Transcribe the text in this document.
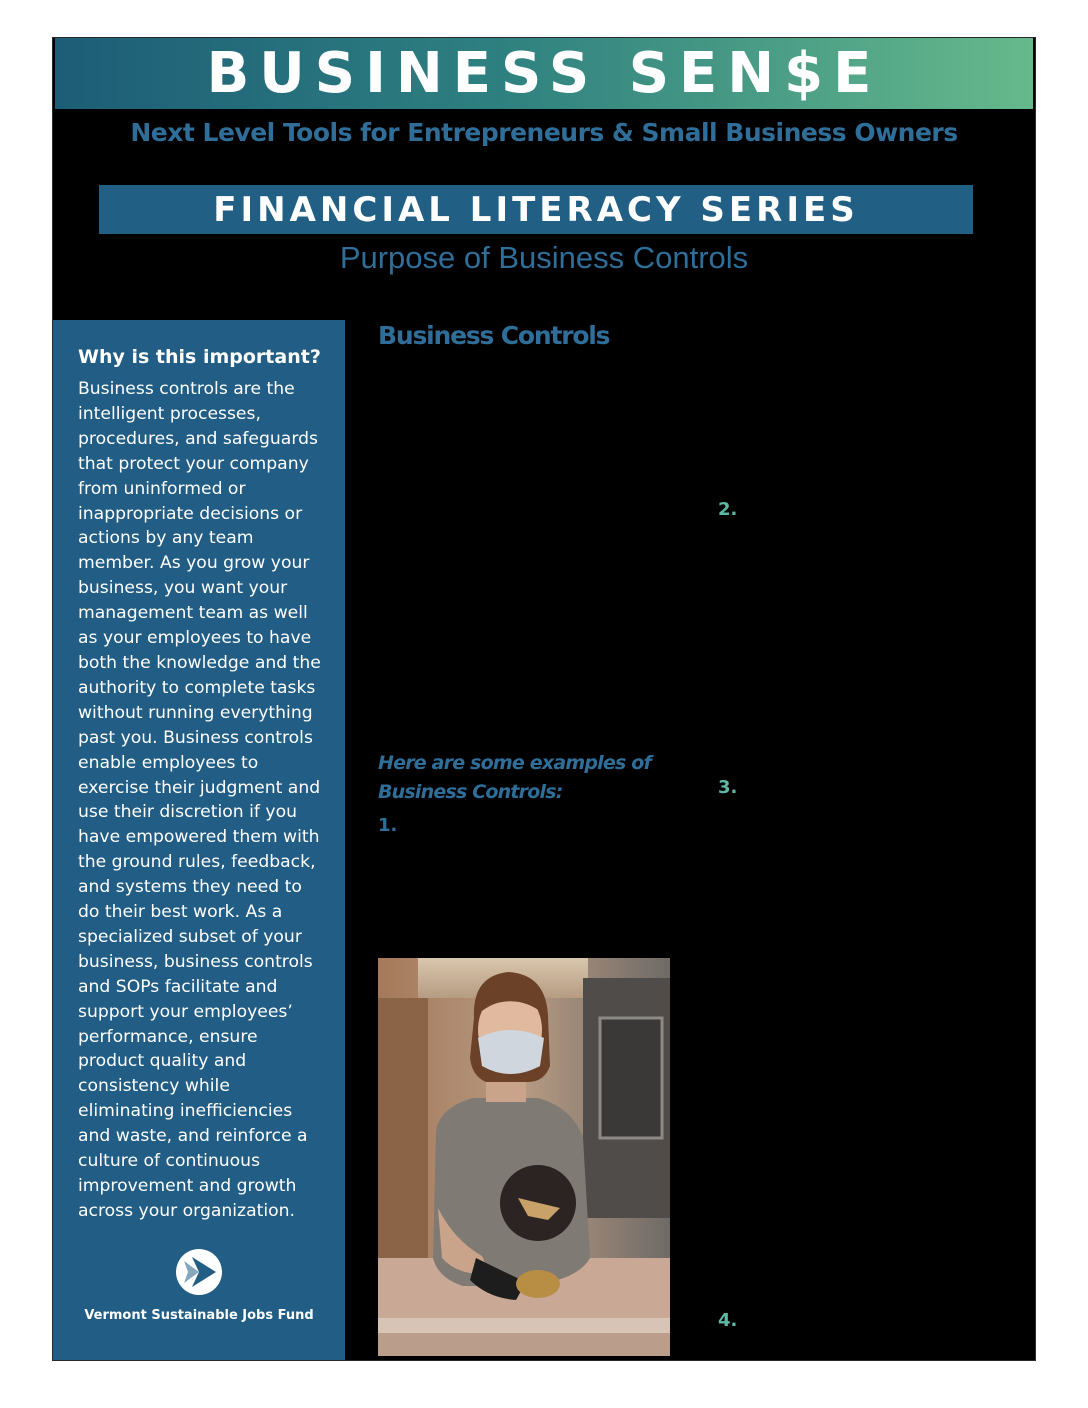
BUSINESS SEN$E
Next Level Tools for Entrepreneurs & Small Business Owners
FINANCIAL LITERACY SERIES
Purpose of Business Controls
Why is this important?

Business controls are the intelligent processes, procedures, and safeguards that protect your company from uninformed or inappropriate decisions or actions by any team member. As you grow your business, you want your management team as well as your employees to have both the knowledge and the authority to complete tasks without running everything past you. Business controls enable employees to exercise their judgment and use their discretion if you have empowered them with the ground rules, feedback, and systems they need to do their best work. As a specialized subset of your business, business controls and SOPs facilitate and support your employees’ performance, ensure product quality and consistency while eliminating inefficiencies and waste, and reinforce a culture of continuous improvement and growth across your organization.

Vermont Sustainable Jobs Fund
Business Controls
Here are some examples of Business Controls:
1.
2.
3.
4.
